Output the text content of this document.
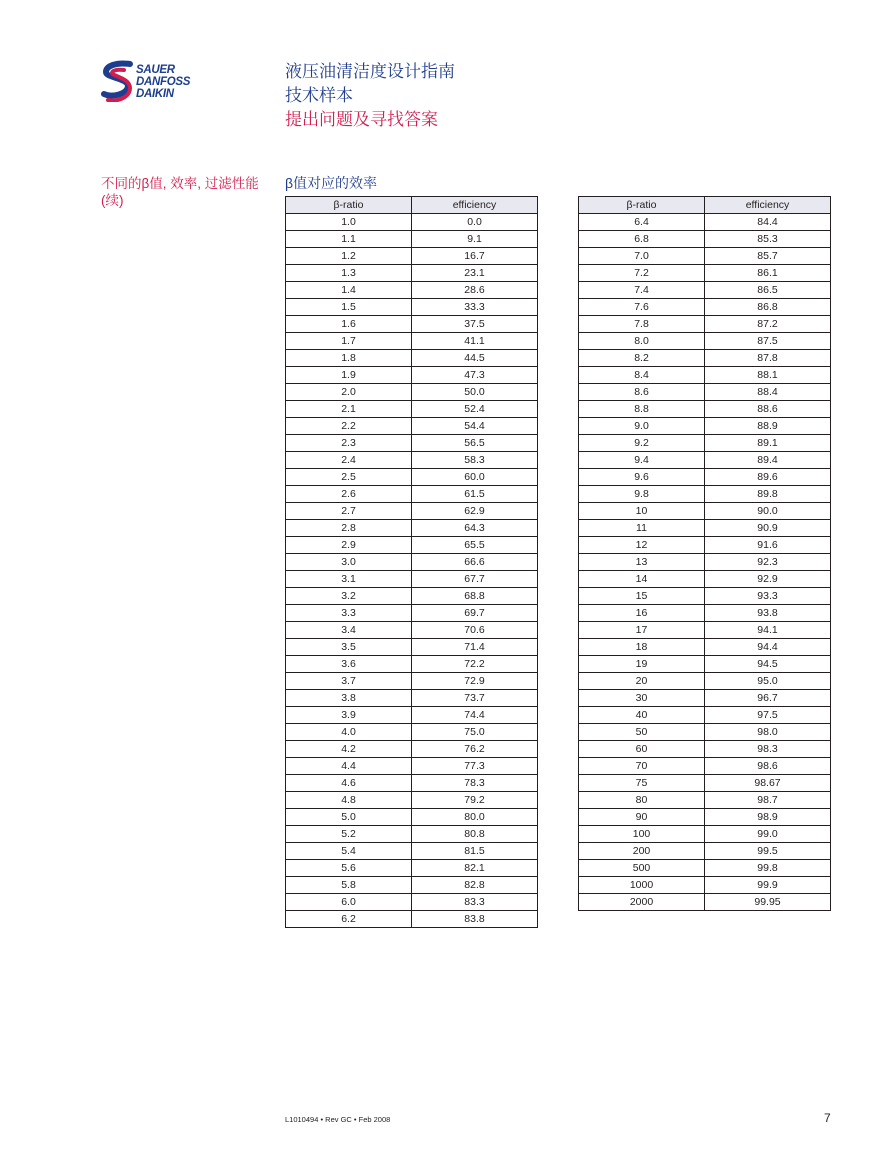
SAUER
DANFOSS
DAIKIN
液压油清洁度设计指南
技术样本
提出问题及寻找答案
不同的β值, 效率, 过滤性能(续)
β值对应的效率
β-ratio	efficiency
1.0	0.0
1.1	9.1
1.2	16.7
1.3	23.1
1.4	28.6
1.5	33.3
1.6	37.5
1.7	41.1
1.8	44.5
1.9	47.3
2.0	50.0
2.1	52.4
2.2	54.4
2.3	56.5
2.4	58.3
2.5	60.0
2.6	61.5
2.7	62.9
2.8	64.3
2.9	65.5
3.0	66.6
3.1	67.7
3.2	68.8
3.3	69.7
3.4	70.6
3.5	71.4
3.6	72.2
3.7	72.9
3.8	73.7
3.9	74.4
4.0	75.0
4.2	76.2
4.4	77.3
4.6	78.3
4.8	79.2
5.0	80.0
5.2	80.8
5.4	81.5
5.6	82.1
5.8	82.8
6.0	83.3
6.2	83.8
β-ratio	efficiency
6.4	84.4
6.8	85.3
7.0	85.7
7.2	86.1
7.4	86.5
7.6	86.8
7.8	87.2
8.0	87.5
8.2	87.8
8.4	88.1
8.6	88.4
8.8	88.6
9.0	88.9
9.2	89.1
9.4	89.4
9.6	89.6
9.8	89.8
10	90.0
11	90.9
12	91.6
13	92.3
14	92.9
15	93.3
16	93.8
17	94.1
18	94.4
19	94.5
20	95.0
30	96.7
40	97.5
50	98.0
60	98.3
70	98.6
75	98.67
80	98.7
90	98.9
100	99.0
200	99.5
500	99.8
1000	99.9
2000	99.95
L1010494 • Rev GC • Feb 2008	7
